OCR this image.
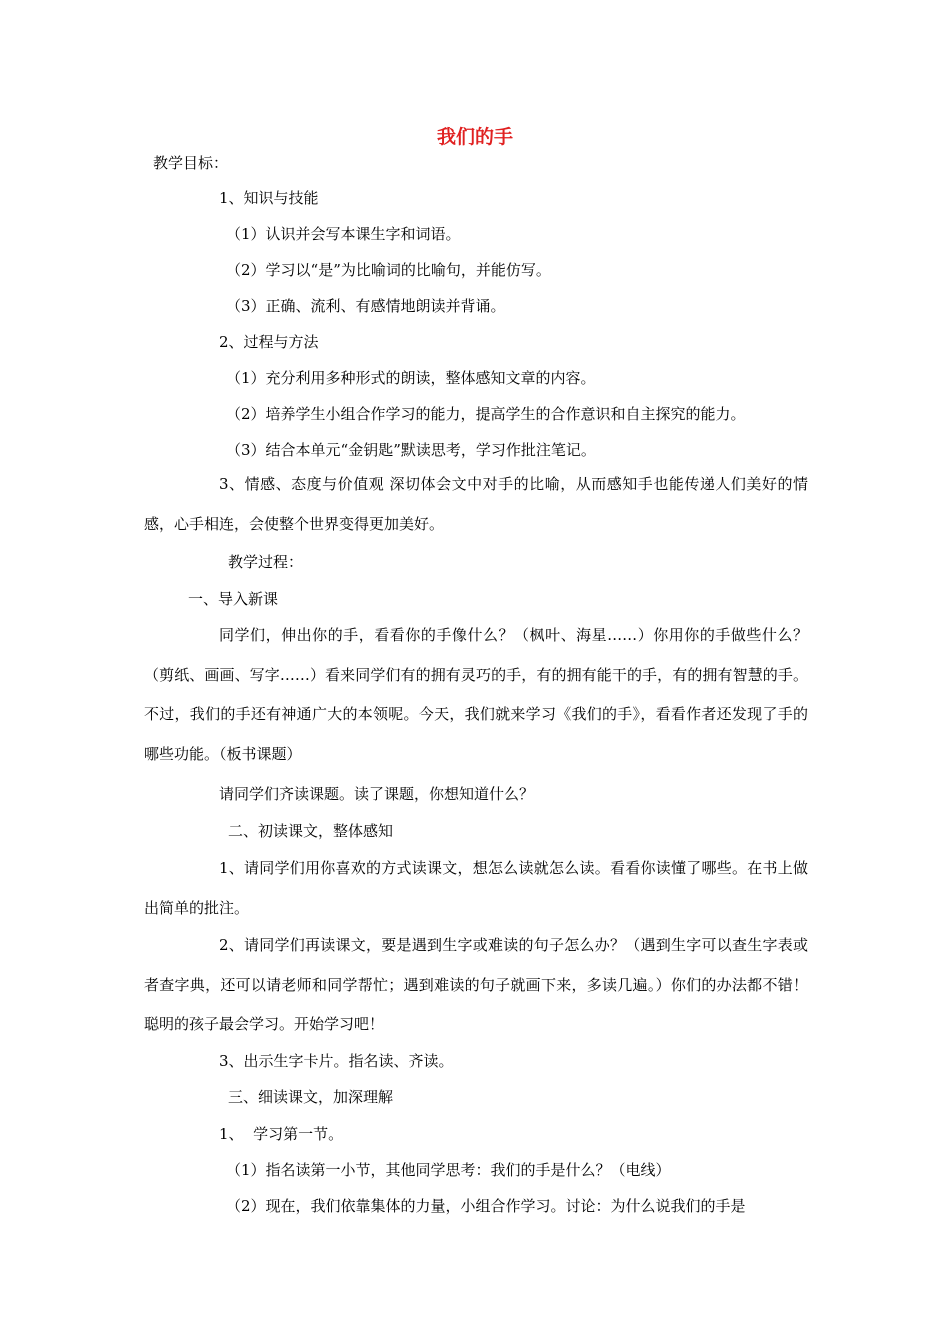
我们的手
教学目标：
1、知识与技能
（1）认识并会写本课生字和词语。
（2）学习以“是”为比喻词的比喻句，并能仿写。
（3）正确、流利、有感情地朗读并背诵。
2、过程与方法
（1）充分利用多种形式的朗读，整体感知文章的内容。
（2）培养学生小组合作学习的能力，提高学生的合作意识和自主探究的能力。
（3）结合本单元“金钥匙”默读思考，学习作批注笔记。
3、情感、态度与价值观 深切体会文中对手的比喻，从而感知手也能传递人们美好的情感，心手相连，会使整个世界变得更加美好。
教学过程：
一、导入新课
同学们，伸出你的手，看看你的手像什么？（枫叶、海星……）你用你的手做些什么？（剪纸、画画、写字……）看来同学们有的拥有灵巧的手，有的拥有能干的手，有的拥有智慧的手。不过，我们的手还有神通广大的本领呢。今天，我们就来学习《我们的手》，看看作者还发现了手的哪些功能。（板书课题）
请同学们齐读课题。读了课题，你想知道什么？
二、初读课文，整体感知
1、请同学们用你喜欢的方式读课文，想怎么读就怎么读。看看你读懂了哪些。在书上做出简单的批注。
2、请同学们再读课文，要是遇到生字或难读的句子怎么办？（遇到生字可以查生字表或者查字典，还可以请老师和同学帮忙；遇到难读的句子就画下来，多读几遍。）你们的办法都不错！聪明的孩子最会学习。开始学习吧！
3、出示生字卡片。指名读、齐读。
三、细读课文，加深理解
1、  学习第一节。
（1）指名读第一小节，其他同学思考：我们的手是什么？（电线）
（2）现在，我们依靠集体的力量，小组合作学习。讨论：为什么说我们的手是
